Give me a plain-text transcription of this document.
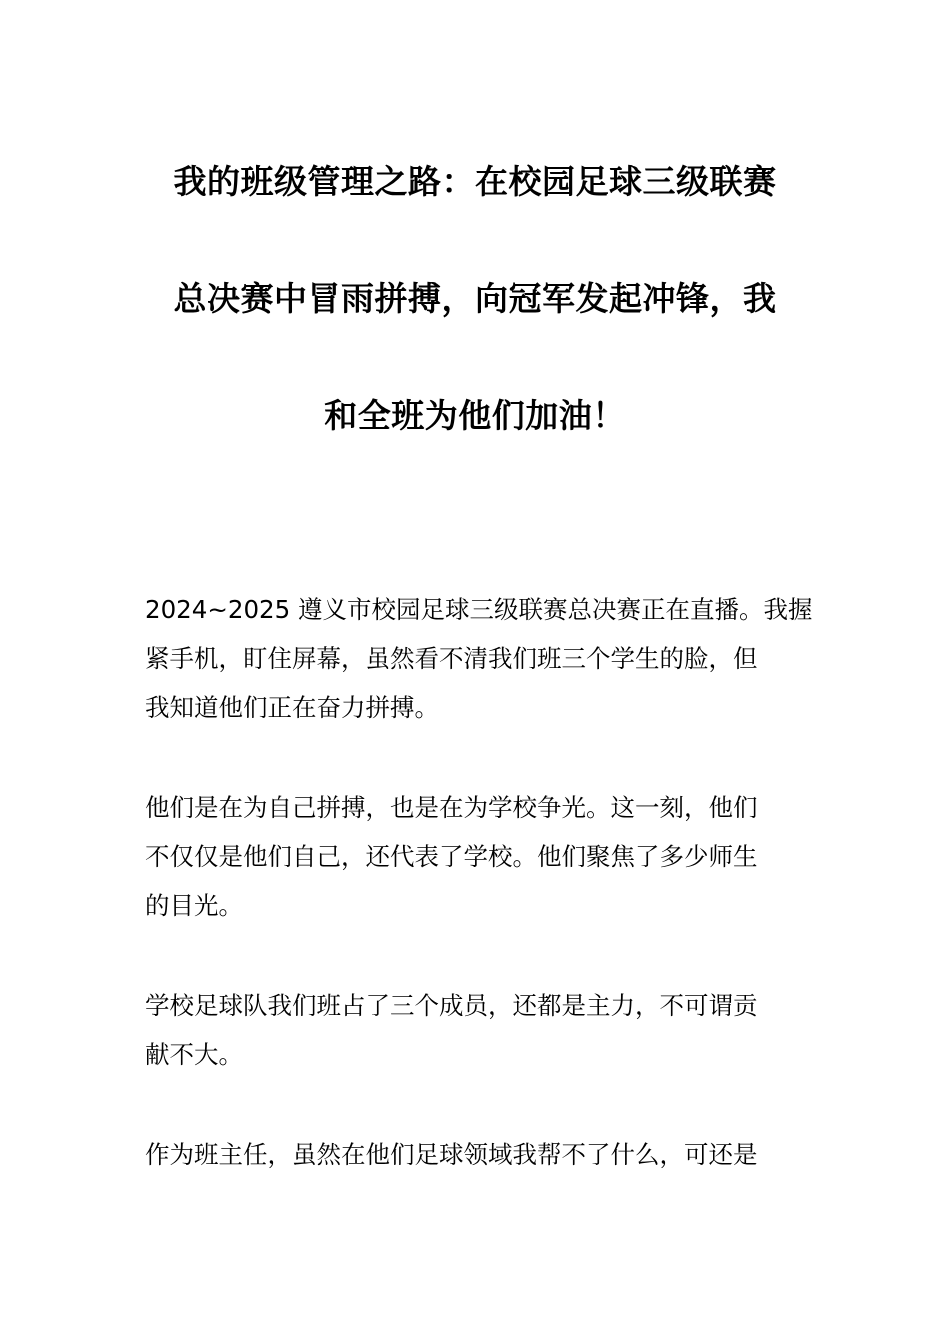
我的班级管理之路：在校园足球三级联赛
总决赛中冒雨拼搏，向冠军发起冲锋，我
和全班为他们加油！

2024~2025 遵义市校园足球三级联赛总决赛正在直播。我握
紧手机，盯住屏幕，虽然看不清我们班三个学生的脸，但
我知道他们正在奋力拼搏。

他们是在为自己拼搏，也是在为学校争光。这一刻，他们
不仅仅是他们自己，还代表了学校。他们聚焦了多少师生
的目光。

学校足球队我们班占了三个成员，还都是主力，不可谓贡
献不大。

作为班主任，虽然在他们足球领域我帮不了什么，可还是
